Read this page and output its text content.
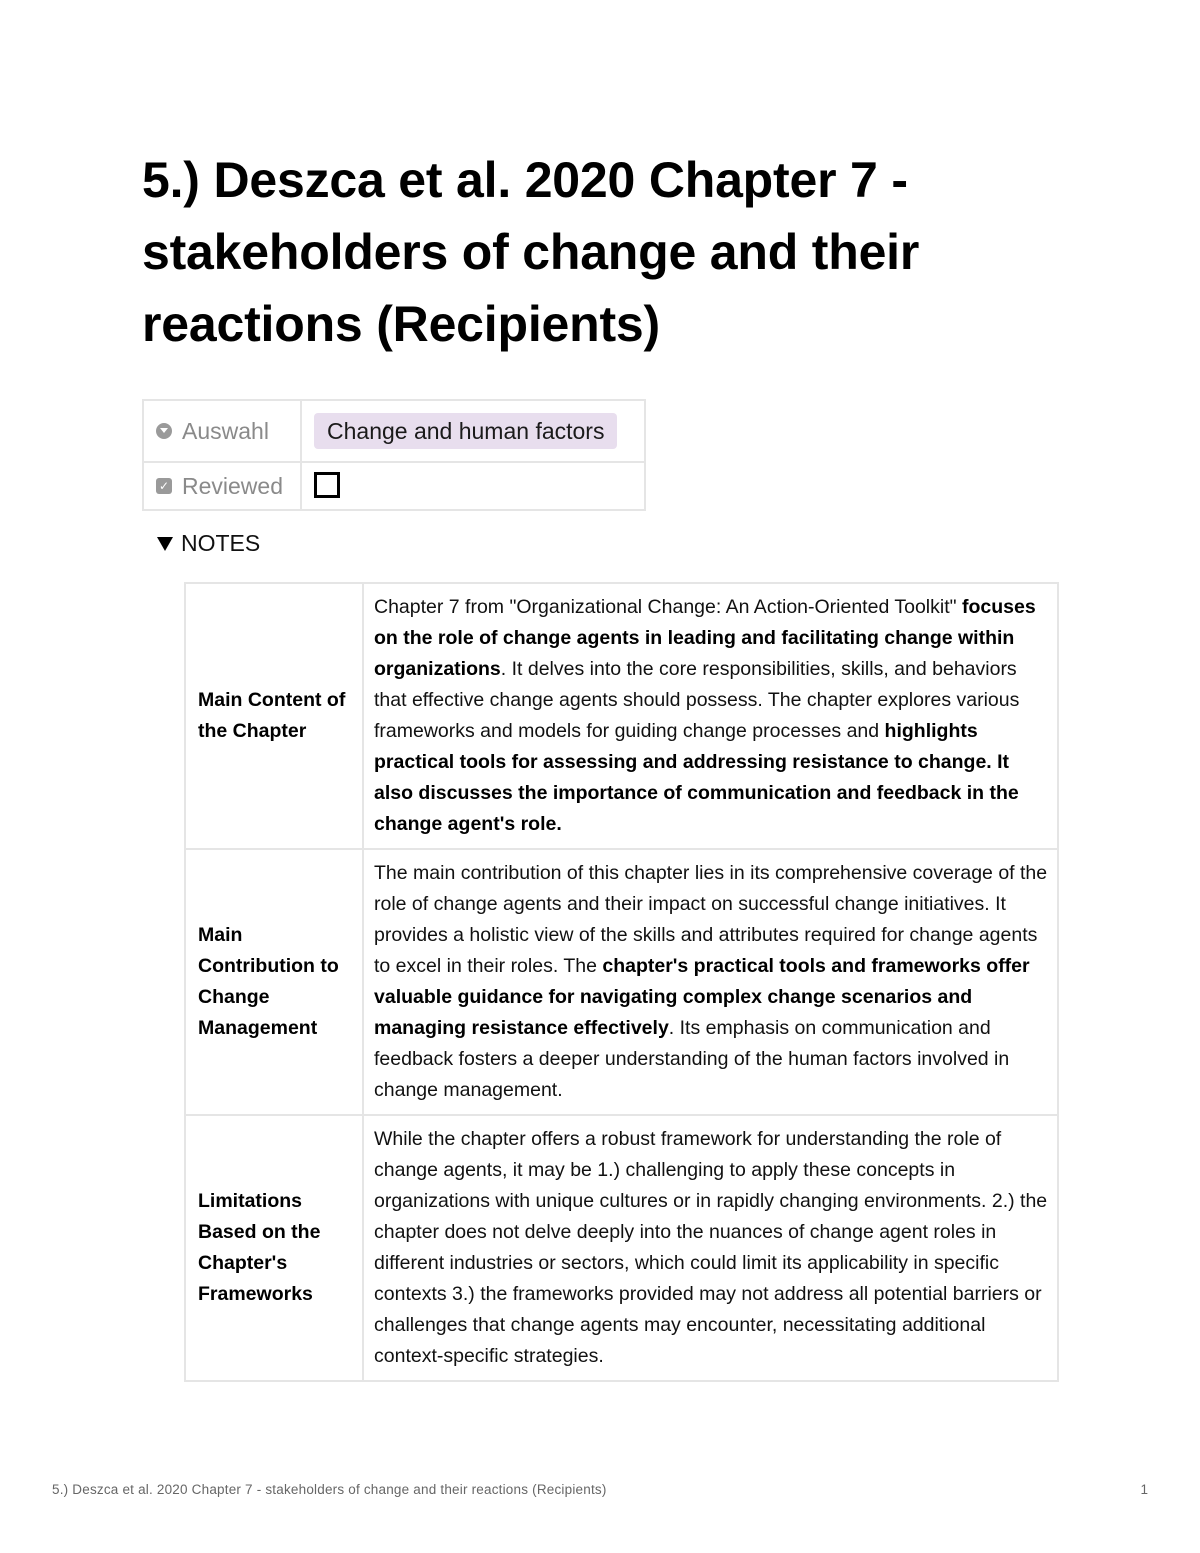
5.) Deszca et al. 2020 Chapter 7 - stakeholders of change and their reactions (Recipients)
Auswahl	Change and human factors

✓ Reviewed	

NOTES
Main Content of the Chapter	Chapter 7 from "Organizational Change: An Action-Oriented Toolkit" focuses on the role of change agents in leading and facilitating change within organizations. It delves into the core responsibilities, skills, and behaviors that effective change agents should possess. The chapter explores various frameworks and models for guiding change processes and highlights practical tools for assessing and addressing resistance to change. It also discusses the importance of communication and feedback in the change agent's role.
Main Contribution to Change Management	The main contribution of this chapter lies in its comprehensive coverage of the role of change agents and their impact on successful change initiatives. It provides a holistic view of the skills and attributes required for change agents to excel in their roles. The chapter's practical tools and frameworks offer valuable guidance for navigating complex change scenarios and managing resistance effectively. Its emphasis on communication and feedback fosters a deeper understanding of the human factors involved in change management.
Limitations Based on the Chapter's Frameworks	While the chapter offers a robust framework for understanding the role of change agents, it may be 1.) challenging to apply these concepts in organizations with unique cultures or in rapidly changing environments. 2.) the chapter does not delve deeply into the nuances of change agent roles in different industries or sectors, which could limit its applicability in specific contexts 3.) the frameworks provided may not address all potential barriers or challenges that change agents may encounter, necessitating additional context-specific strategies.
5.) Deszca et al. 2020 Chapter 7 - stakeholders of change and their reactions (Recipients)	1
